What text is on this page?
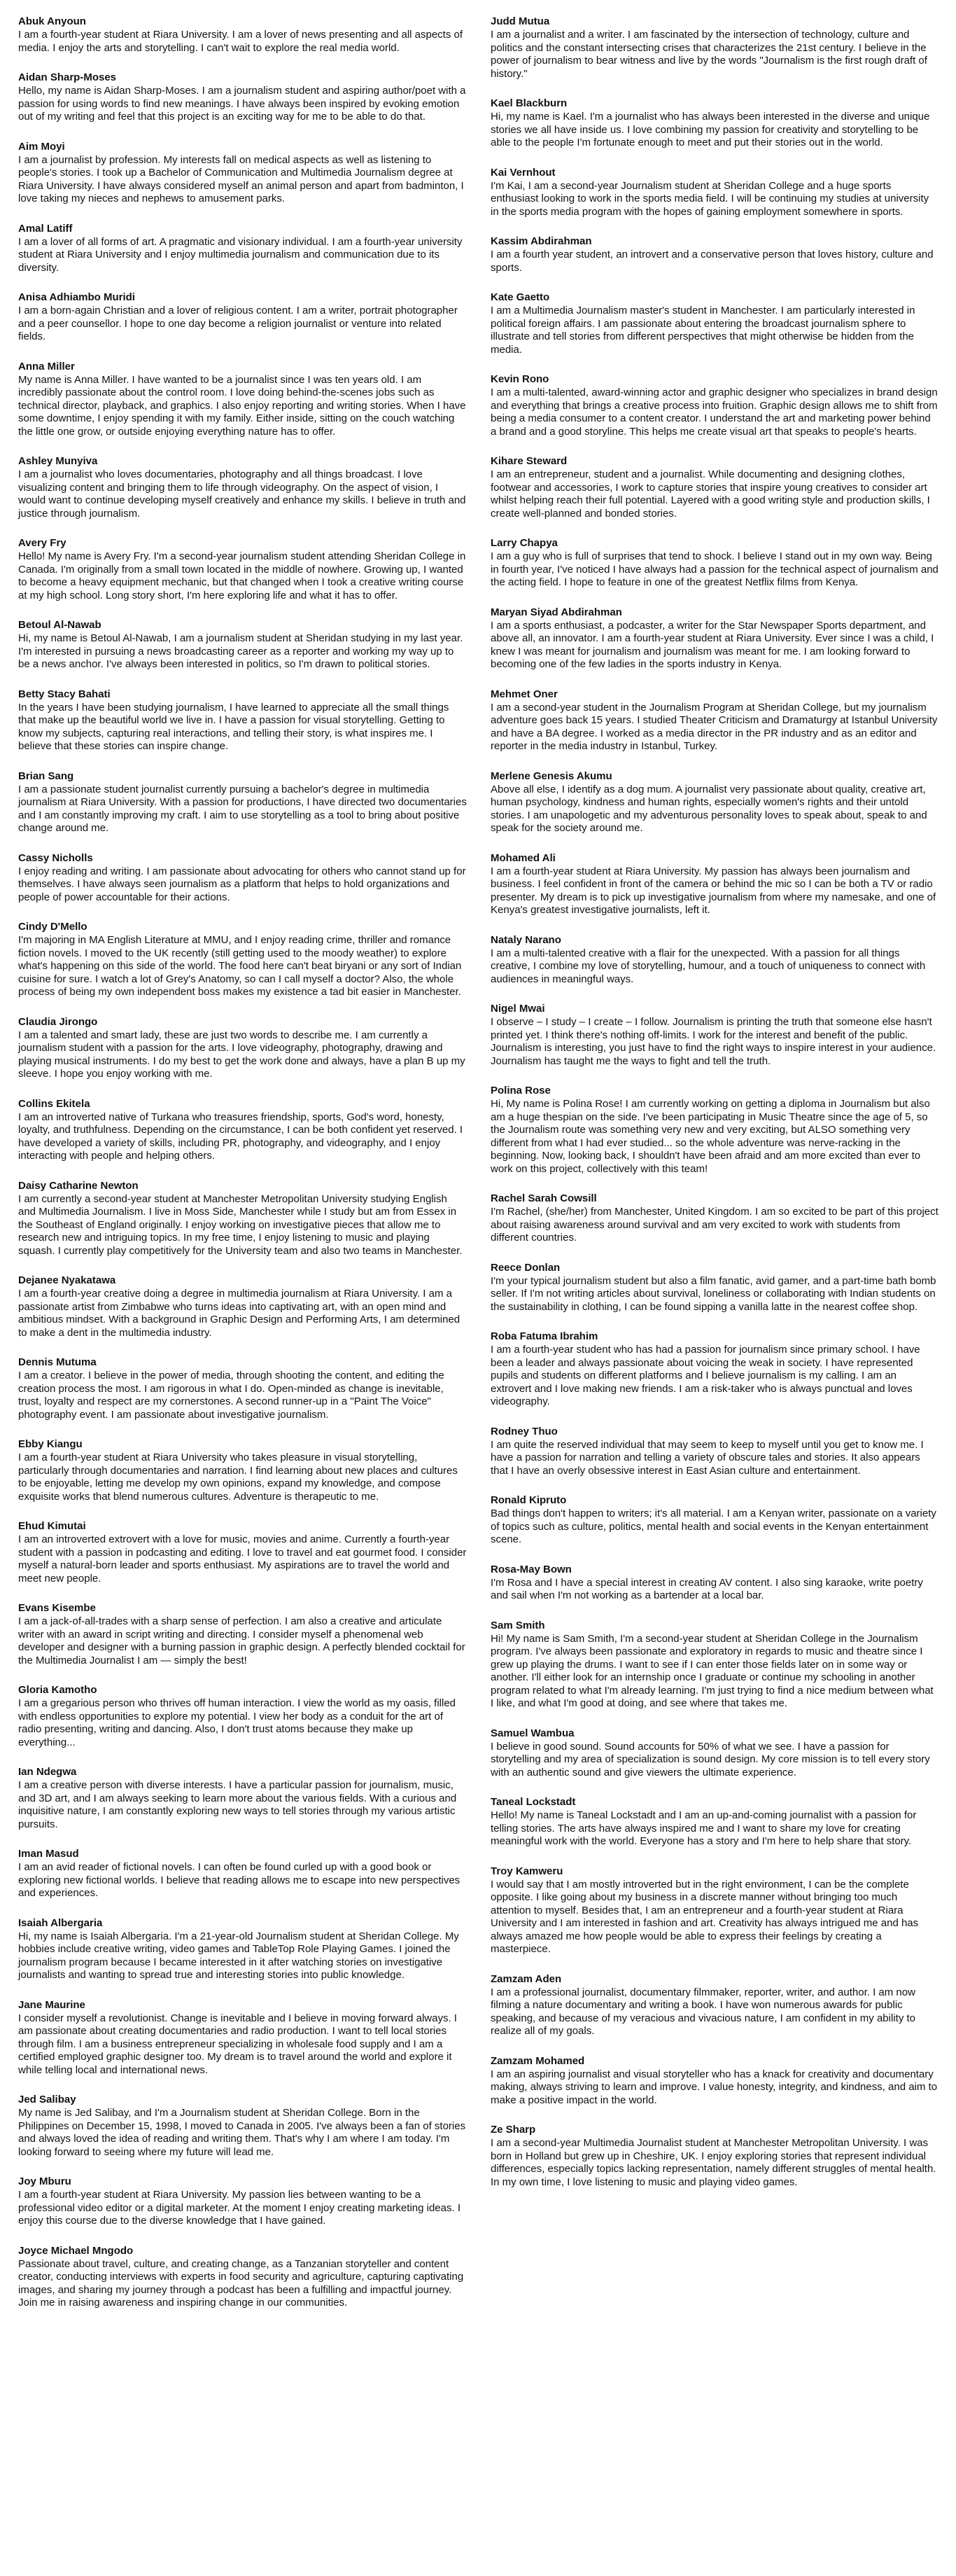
Abuk Anyoun

I am a fourth-year student at Riara University. I am a lover of news presenting and all aspects of media. I enjoy the arts and storytelling. I can't wait to explore the real media world.

Aidan Sharp-Moses

Hello, my name is Aidan Sharp-Moses. I am a journalism student and aspiring author/poet with a passion for using words to find new meanings. I have always been inspired by evoking emotion out of my writing and feel that this project is an exciting way for me to be able to do that.

Aim Moyi

I am a journalist by profession. My interests fall on medical aspects as well as listening to people's stories. I took up a Bachelor of Communication and Multimedia Journalism degree at Riara University. I have always considered myself an animal person and apart from badminton, I love taking my nieces and nephews to amusement parks.

Amal Latiff

I am a lover of all forms of art. A pragmatic and visionary individual. I am a fourth-year university student at Riara University and I enjoy multimedia journalism and communication due to its diversity.

Anisa Adhiambo Muridi

I am a born-again Christian and a lover of religious content. I am a writer, portrait photographer and a peer counsellor. I hope to one day become a religion journalist or venture into related fields.

Anna Miller

My name is Anna Miller. I have wanted to be a journalist since I was ten years old. I am incredibly passionate about the control room. I love doing behind-the-scenes jobs such as technical director, playback, and graphics. I also enjoy reporting and writing stories. When I have some downtime, I enjoy spending it with my family. Either inside, sitting on the couch watching the little one grow, or outside enjoying everything nature has to offer.

Ashley Munyiva

I am a journalist who loves documentaries, photography and all things broadcast. I love visualizing content and bringing them to life through videography. On the aspect of vision, I would want to continue developing myself creatively and enhance my skills. I believe in truth and justice through journalism.

Avery Fry

Hello! My name is Avery Fry. I'm a second-year journalism student attending Sheridan College in Canada. I'm originally from a small town located in the middle of nowhere. Growing up, I wanted to become a heavy equipment mechanic, but that changed when I took a creative writing course at my high school. Long story short, I'm here exploring life and what it has to offer.

Betoul Al-Nawab

Hi, my name is Betoul Al-Nawab, I am a journalism student at Sheridan studying in my last year. I'm interested in pursuing a news broadcasting career as a reporter and working my way up to be a news anchor. I've always been interested in politics, so I'm drawn to political stories.

Betty Stacy Bahati

In the years I have been studying journalism, I have learned to appreciate all the small things that make up the beautiful world we live in. I have a passion for visual storytelling. Getting to know my subjects, capturing real interactions, and telling their story, is what inspires me. I believe that these stories can inspire change.

Brian Sang

I am a passionate student journalist currently pursuing a bachelor's degree in multimedia journalism at Riara University. With a passion for productions, I have directed two documentaries and I am constantly improving my craft. I aim to use storytelling as a tool to bring about positive change around me.

Cassy Nicholls

I enjoy reading and writing. I am passionate about advocating for others who cannot stand up for themselves. I have always seen journalism as a platform that helps to hold organizations and people of power accountable for their actions.

Cindy D'Mello

I'm majoring in MA English Literature at MMU, and I enjoy reading crime, thriller and romance fiction novels. I moved to the UK recently (still getting used to the moody weather) to explore what's happening on this side of the world. The food here can't beat biryani or any sort of Indian cuisine for sure. I watch a lot of Grey's Anatomy, so can I call myself a doctor? Also, the whole process of being my own independent boss makes my existence a tad bit easier in Manchester.

Claudia Jirongo

I am a talented and smart lady, these are just two words to describe me. I am currently a journalism student with a passion for the arts. I love videography, photography, drawing and playing musical instruments. I do my best to get the work done and always, have a plan B up my sleeve. I hope you enjoy working with me.

Collins Ekitela

I am an introverted native of Turkana who treasures friendship, sports, God's word, honesty, loyalty, and truthfulness. Depending on the circumstance, I can be both confident yet reserved. I have developed a variety of skills, including PR, photography, and videography, and I enjoy interacting with people and helping others.

Daisy Catharine Newton

I am currently a second-year student at Manchester Metropolitan University studying English and Multimedia Journalism. I live in Moss Side, Manchester while I study but am from Essex in the Southeast of England originally. I enjoy working on investigative pieces that allow me to research new and intriguing topics. In my free time, I enjoy listening to music and playing squash. I currently play competitively for the University team and also two teams in Manchester.

Dejanee Nyakatawa

I am a fourth-year creative doing a degree in multimedia journalism at Riara University. I am a passionate artist from Zimbabwe who turns ideas into captivating art, with an open mind and ambitious mindset. With a background in Graphic Design and Performing Arts, I am determined to make a dent in the multimedia industry.

Dennis Mutuma

I am a creator. I believe in the power of media, through shooting the content, and editing the creation process the most. I am rigorous in what I do. Open-minded as change is inevitable, trust, loyalty and respect are my cornerstones. A second runner-up in a "Paint The Voice" photography event. I am passionate about investigative journalism.

Ebby Kiangu

I am a fourth-year student at Riara University who takes pleasure in visual storytelling, particularly through documentaries and narration. I find learning about new places and cultures to be enjoyable, letting me develop my own opinions, expand my knowledge, and compose exquisite works that blend numerous cultures. Adventure is therapeutic to me.

Ehud Kimutai

I am an introverted extrovert with a love for music, movies and anime. Currently a fourth-year student with a passion in podcasting and editing. I love to travel and eat gourmet food. I consider myself a natural-born leader and sports enthusiast. My aspirations are to travel the world and meet new people.

Evans Kisembe

I am a jack-of-all-trades with a sharp sense of perfection. I am also a creative and articulate writer with an award in script writing and directing. I consider myself a phenomenal web developer and designer with a burning passion in graphic design. A perfectly blended cocktail for the Multimedia Journalist I am — simply the best!

Gloria Kamotho

I am a gregarious person who thrives off human interaction. I view the world as my oasis, filled with endless opportunities to explore my potential. I view her body as a conduit for the art of radio presenting, writing and dancing. Also, I don't trust atoms because they make up everything...

Ian Ndegwa

I am a creative person with diverse interests. I have a particular passion for journalism, music, and 3D art, and I am always seeking to learn more about the various fields. With a curious and inquisitive nature, I am constantly exploring new ways to tell stories through my various artistic pursuits.

Iman Masud

I am an avid reader of fictional novels. I can often be found curled up with a good book or exploring new fictional worlds. I believe that reading allows me to escape into new perspectives and experiences.

Isaiah Albergaria

Hi, my name is Isaiah Albergaria. I'm a 21-year-old Journalism student at Sheridan College. My hobbies include creative writing, video games and TableTop Role Playing Games. I joined the journalism program because I became interested in it after watching stories on investigative journalists and wanting to spread true and interesting stories into public knowledge.

Jane Maurine

I consider myself a revolutionist. Change is inevitable and I believe in moving forward always. I am passionate about creating documentaries and radio production. I want to tell local stories through film. I am a business entrepreneur specializing in wholesale food supply and I am a certified employed graphic designer too. My dream is to travel around the world and explore it while telling local and international news.

Jed Salibay

My name is Jed Salibay, and I'm a Journalism student at Sheridan College. Born in the Philippines on December 15, 1998, I moved to Canada in 2005. I've always been a fan of stories and always loved the idea of reading and writing them. That's why I am where I am today. I'm looking forward to seeing where my future will lead me.

Joy Mburu

I am a fourth-year student at Riara University. My passion lies between wanting to be a professional video editor or a digital marketer. At the moment I enjoy creating marketing ideas. I enjoy this course due to the diverse knowledge that I have gained.

Joyce Michael Mngodo

Passionate about travel, culture, and creating change, as a Tanzanian storyteller and content creator, conducting interviews with experts in food security and agriculture, capturing captivating images, and sharing my journey through a podcast has been a fulfilling and impactful journey. Join me in raising awareness and inspiring change in our communities.

Judd Mutua

I am a journalist and a writer. I am fascinated by the intersection of technology, culture and politics and the constant intersecting crises that characterizes the 21st century. I believe in the power of journalism to bear witness and live by the words "Journalism is the first rough draft of history."

Kael Blackburn

Hi, my name is Kael. I'm a journalist who has always been interested in the diverse and unique stories we all have inside us. I love combining my passion for creativity and storytelling to be able to the people I'm fortunate enough to meet and put their stories out in the world.

Kai Vernhout

I'm Kai, I am a second-year Journalism student at Sheridan College and a huge sports enthusiast looking to work in the sports media field. I will be continuing my studies at university in the sports media program with the hopes of gaining employment somewhere in sports.

Kassim Abdirahman

I am a fourth year student, an introvert and a conservative person that loves history, culture and sports.

Kate Gaetto

I am a Multimedia Journalism master's student in Manchester. I am particularly interested in political foreign affairs. I am passionate about entering the broadcast journalism sphere to illustrate and tell stories from different perspectives that might otherwise be hidden from the media.

Kevin Rono

I am a multi-talented, award-winning actor and graphic designer who specializes in brand design and everything that brings a creative process into fruition. Graphic design allows me to shift from being a media consumer to a content creator. I understand the art and marketing power behind a brand and a good storyline. This helps me create visual art that speaks to people's hearts.

Kihare Steward

I am an entrepreneur, student and a journalist. While documenting and designing clothes, footwear and accessories, I work to capture stories that inspire young creatives to consider art whilst helping reach their full potential. Layered with a good writing style and production skills, I create well-planned and bonded stories.

Larry Chapya

I am a guy who is full of surprises that tend to shock. I believe I stand out in my own way. Being in fourth year, I've noticed I have always had a passion for the technical aspect of journalism and the acting field. I hope to feature in one of the greatest Netflix films from Kenya.

Maryan Siyad Abdirahman

I am a sports enthusiast, a podcaster, a writer for the Star Newspaper Sports department, and above all, an innovator. I am a fourth-year student at Riara University. Ever since I was a child, I knew I was meant for journalism and journalism was meant for me. I am looking forward to becoming one of the few ladies in the sports industry in Kenya.

Mehmet Oner

I am a second-year student in the Journalism Program at Sheridan College, but my journalism adventure goes back 15 years. I studied Theater Criticism and Dramaturgy at Istanbul University and have a BA degree. I worked as a media director in the PR industry and as an editor and reporter in the media industry in Istanbul, Turkey.

Merlene Genesis Akumu

Above all else, I identify as a dog mum. A journalist very passionate about quality, creative art, human psychology, kindness and human rights, especially women's rights and their untold stories. I am unapologetic and my adventurous personality loves to speak about, speak to and speak for the society around me.

Mohamed Ali

I am a fourth-year student at Riara University. My passion has always been journalism and business. I feel confident in front of the camera or behind the mic so I can be both a TV or radio presenter. My dream is to pick up investigative journalism from where my namesake, and one of Kenya's greatest investigative journalists, left it.

Nataly Narano

I am a multi-talented creative with a flair for the unexpected. With a passion for all things creative, I combine my love of storytelling, humour, and a touch of uniqueness to connect with audiences in meaningful ways.

Nigel Mwai

I observe – I study – I create – I follow. Journalism is printing the truth that someone else hasn't printed yet. I think there's nothing off-limits. I work for the interest and benefit of the public. Journalism is interesting, you just have to find the right ways to inspire interest in your audience. Journalism has taught me the ways to fight and tell the truth.

Polina Rose

Hi, My name is Polina Rose! I am currently working on getting a diploma in Journalism but also am a huge thespian on the side. I've been participating in Music Theatre since the age of 5, so the Journalism route was something very new and very exciting, but ALSO something very different from what I had ever studied... so the whole adventure was nerve-racking in the beginning. Now, looking back, I shouldn't have been afraid and am more excited than ever to work on this project, collectively with this team!

Rachel Sarah Cowsill

I'm Rachel, (she/her) from Manchester, United Kingdom. I am so excited to be part of this project about raising awareness around survival and am very excited to work with students from different countries.

Reece Donlan

I'm your typical journalism student but also a film fanatic, avid gamer, and a part-time bath bomb seller. If I'm not writing articles about survival, loneliness or collaborating with Indian students on the sustainability in clothing, I can be found sipping a vanilla latte in the nearest coffee shop.

Roba Fatuma Ibrahim

I am a fourth-year student who has had a passion for journalism since primary school. I have been a leader and always passionate about voicing the weak in society. I have represented pupils and students on different platforms and I believe journalism is my calling. I am an extrovert and I love making new friends. I am a risk-taker who is always punctual and loves videography.

Rodney Thuo

I am quite the reserved individual that may seem to keep to myself until you get to know me. I have a passion for narration and telling a variety of obscure tales and stories. It also appears that I have an overly obsessive interest in East Asian culture and entertainment.

Ronald Kipruto

Bad things don't happen to writers; it's all material. I am a Kenyan writer, passionate on a variety of topics such as culture, politics, mental health and social events in the Kenyan entertainment scene.

Rosa-May Bown

I'm Rosa and I have a special interest in creating AV content. I also sing karaoke, write poetry and sail when I'm not working as a bartender at a local bar.

Sam Smith

Hi! My name is Sam Smith, I'm a second-year student at Sheridan College in the Journalism program. I've always been passionate and exploratory in regards to music and theatre since I grew up playing the drums. I want to see if I can enter those fields later on in some way or another. I'll either look for an internship once I graduate or continue my schooling in another program related to what I'm already learning. I'm just trying to find a nice medium between what I like, and what I'm good at doing, and see where that takes me.

Samuel Wambua

I believe in good sound. Sound accounts for 50% of what we see. I have a passion for storytelling and my area of specialization is sound design. My core mission is to tell every story with an authentic sound and give viewers the ultimate experience.

Taneal Lockstadt

Hello! My name is Taneal Lockstadt and I am an up-and-coming journalist with a passion for telling stories. The arts have always inspired me and I want to share my love for creating meaningful work with the world. Everyone has a story and I'm here to help share that story.

Troy Kamweru

I would say that I am mostly introverted but in the right environment, I can be the complete opposite. I like going about my business in a discrete manner without bringing too much attention to myself. Besides that, I am an entrepreneur and a fourth-year student at Riara University and I am interested in fashion and art. Creativity has always intrigued me and has always amazed me how people would be able to express their feelings by creating a masterpiece.

Zamzam Aden

I am a professional journalist, documentary filmmaker, reporter, writer, and author. I am now filming a nature documentary and writing a book. I have won numerous awards for public speaking, and because of my veracious and vivacious nature, I am confident in my ability to realize all of my goals.

Zamzam Mohamed

I am an aspiring journalist and visual storyteller who has a knack for creativity and documentary making, always striving to learn and improve. I value honesty, integrity, and kindness, and aim to make a positive impact in the world.

Ze Sharp

I am a second-year Multimedia Journalist student at Manchester Metropolitan University. I was born in Holland but grew up in Cheshire, UK. I enjoy exploring stories that represent individual differences, especially topics lacking representation, namely different struggles of mental health. In my own time, I love listening to music and playing video games.
